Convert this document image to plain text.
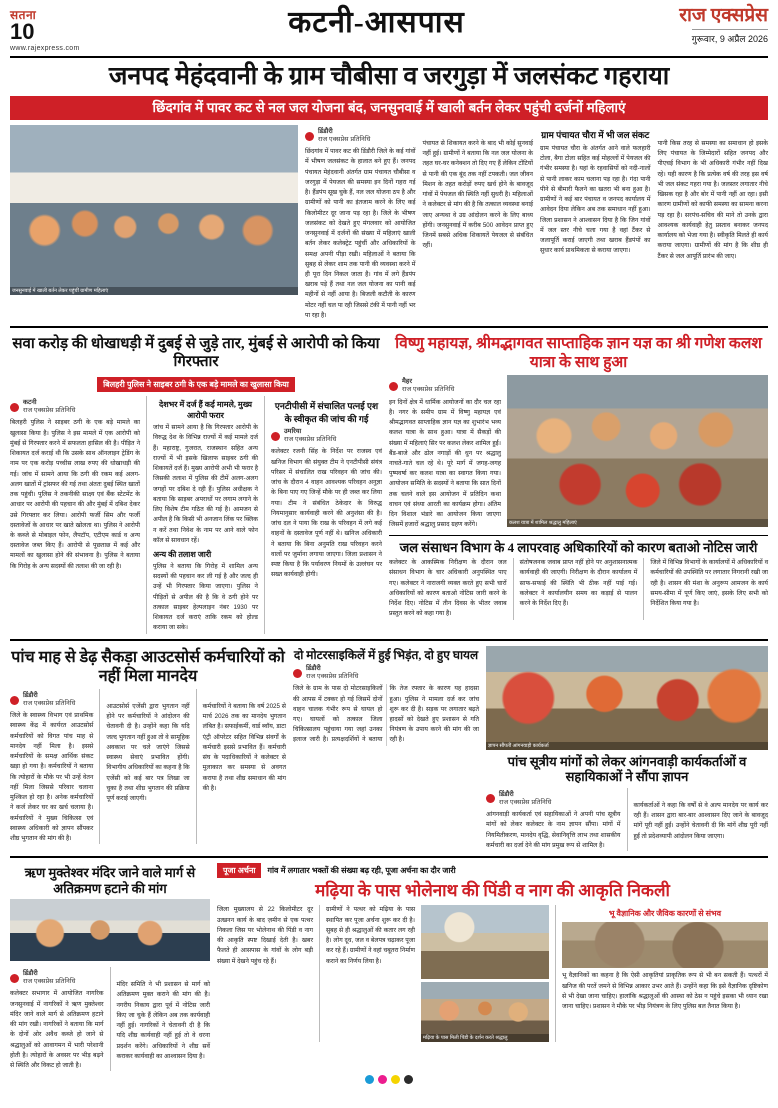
सतना
10
www.rajexpress.com
कटनी-आसपास	राज एक्सप्रेस
गुरूवार, 9 अप्रैल 2026
जनपद मेहंदवानी के ग्राम चौबीसा व जरगुड़ा में जलसंकट गहराया
छिंदगांव में पावर कट से नल जल योजना बंद, जनसुनवाई में खाली बर्तन लेकर पहुंची दर्जनों महिलाएं
जनसुनवाई में खाली बर्तन लेकर पहुंचीं ग्रामीण महिलाएं
डिंडौरी
राज एक्सप्रेस प्रतिनिधि
छिंदगांव में पावर कट की डिंडौरी जिले के कई गांवों में भीषण जलसंकट के हालात बने हुए हैं। जनपद पंचायत मेहंदवानी अंतर्गत ग्राम पंचायत चौबीसा व जरगुड़ा में पेयजल की समस्या इन दिनों गहरा गई है। हैंडपंप सूख चुके हैं, नल जल योजना ठप है और ग्रामीणों को पानी का इंतजाम करने के लिए कई किलोमीटर दूर जाना पड़ रहा है। जिले के भीषण जलसंकट को देखते हुए मंगलवार को आयोजित जनसुनवाई में दर्जनों की संख्या में महिलाएं खाली बर्तन लेकर कलेक्ट्रेट पहुंचीं और अधिकारियों के समक्ष अपनी पीड़ा रखी। महिलाओं ने बताया कि सुबह से लेकर शाम तक पानी की व्यवस्था करने में ही पूरा दिन निकल जाता है। गांव में लगे हैंडपंप खराब पड़े हैं तथा नल जल योजना का पानी कई महीनों से नहीं आया है। बिजली कटौती के कारण मोटर नहीं चल पा रही जिससे टंकी में पानी नहीं भर पा रहा है।
पंचायत से शिकायत करने के बाद भी कोई सुनवाई नहीं हुई। ग्रामीणों ने बताया कि नल जल योजना के तहत घर-घर कनेक्शन तो दिए गए हैं लेकिन टोंटियों से पानी की एक बूंद तक नहीं टपकती। जल जीवन मिशन के तहत करोड़ों रुपए खर्च होने के बावजूद गांवों में पेयजल की स्थिति नहीं सुधरी है। महिलाओं ने कलेक्टर से मांग की है कि तत्काल व्यवस्था बनाई जाए अन्यथा वे उग्र आंदोलन करने के लिए बाध्य होंगी। जनसुनवाई में करीब 500 आवेदन प्राप्त हुए जिनमें सबसे अधिक शिकायतें पेयजल से संबंधित रहीं।
ग्राम पंचायत चौरा में भी जल संकट
ग्राम पंचायत चौरा के अंतर्गत आने वाले फलहारी टोला, बैगा टोला सहित कई मोहल्लों में पेयजल की गंभीर समस्या है। यहां के रहवासियों को नदी-नालों से पानी लाकर काम चलाना पड़ रहा है। गंदा पानी पीने से बीमारी फैलने का खतरा भी बना हुआ है। ग्रामीणों ने कई बार पंचायत व जनपद कार्यालय में आवेदन दिया लेकिन अब तक समाधान नहीं हुआ। जिला प्रशासन ने आश्वासन दिया है कि जिन गांवों में जल स्तर नीचे चला गया है वहां टैंकर से जलापूर्ति कराई जाएगी तथा खराब हैंडपंपों का सुधार कार्य प्राथमिकता से कराया जाएगा।
पानी किस तरह से समस्या का समाधान हो इसके लिए पंचायत के जिम्मेदारों सहित जनपद और पीएचई विभाग के भी अधिकारी गंभीर नहीं दिख रहे। यही कारण है कि प्रत्येक वर्ष की तरह इस वर्ष भी जल संकट गहरा गया है। जलस्तर लगातार नीचे खिसक रहा है और बोर में पानी नहीं आ रहा। इसी कारण ग्रामीणों को काफी समस्या का सामना करना पड़ रहा है। सरपंच-सचिव की माने तो उनके द्वारा आवश्यक कार्यवाही हेतु प्रस्ताव बनाकर जनपद कार्यालय को भेजा गया है। स्वीकृति मिलते ही कार्य कराया जाएगा। ग्रामीणों की मांग है कि शीघ्र ही टैंकर से जल आपूर्ति प्रारंभ की जाए।
सवा करोड़ की धोखाधड़ी में दुबई से जुड़े तार, मुंबई से आरोपी को किया गिरफ्तार
बिलहरी पुलिस ने साइबर ठगी के एक बड़े मामले का खुलासा किया
कटनी
राज एक्सप्रेस प्रतिनिधि
बिलहरी पुलिस ने साइबर ठगी के एक बड़े मामले का खुलासा किया है। पुलिस ने इस मामले में एक आरोपी को मुंबई से गिरफ्तार करने में सफलता हासिल की है। पीड़ित ने शिकायत दर्ज कराई थी कि उसके साथ ऑनलाइन ट्रेडिंग के नाम पर एक करोड़ पच्चीस लाख रुपए की धोखाधड़ी की गई। जांच में सामने आया कि ठगी की रकम कई अलग-अलग खातों में ट्रांसफर की गई तथा अंततः दुबई स्थित खातों तक पहुंची। पुलिस ने तकनीकी साक्ष्य एवं बैंक स्टेटमेंट के आधार पर आरोपी की पहचान की और मुंबई में दबिश देकर उसे गिरफ्तार कर लिया। आरोपी फर्जी सिम और फर्जी दस्तावेजों के आधार पर खाते खोलता था। पुलिस ने आरोपी के कब्जे से मोबाइल फोन, लैपटॉप, एटीएम कार्ड व अन्य दस्तावेज जब्त किए हैं। आरोपी से पूछताछ में कई और मामलों का खुलासा होने की संभावना है। पुलिस ने बताया कि गिरोह के अन्य सदस्यों की तलाश की जा रही है।
देशभर में दर्ज हैं कई मामले, मुख्य आरोपी फरार
जांच में सामने आया है कि गिरफ्तार आरोपी के विरुद्ध देश के विभिन्न राज्यों में कई मामले दर्ज हैं। महाराष्ट्र, गुजरात, राजस्थान सहित अन्य राज्यों में भी इसके खिलाफ साइबर ठगी की शिकायतें दर्ज हैं। मुख्य आरोपी अभी भी फरार है जिसकी तलाश में पुलिस की टीमें अलग-अलग जगहों पर दबिश दे रही हैं। पुलिस अधीक्षक ने बताया कि साइबर अपराधों पर लगाम लगाने के लिए विशेष टीम गठित की गई है। आमजन से अपील है कि किसी भी अनजान लिंक पर क्लिक न करें तथा निवेश के नाम पर आने वाले फोन कॉल से सावधान रहें।
अन्य की तलाश जारी
पुलिस ने बताया कि गिरोह में शामिल अन्य सदस्यों की पहचान कर ली गई है और जल्द ही उन्हें भी गिरफ्तार किया जाएगा। पुलिस ने पीड़ितों से अपील की है कि वे ठगी होने पर तत्काल साइबर हेल्पलाइन नंबर 1930 पर शिकायत दर्ज कराएं ताकि रकम को होल्ड कराया जा सके।
एनटीपीसी में संचालित पत्नई एश के स्वीकृत की जांच की गई
उमरिया
राज एक्सप्रेस प्रतिनिधि
कलेक्टर रजनी सिंह के निर्देश पर राजस्व एवं खनिज विभाग की संयुक्त टीम ने एनटीपीसी संयंत्र परिसर में संचालित राख परिवहन की जांच की। जांच के दौरान 4 वाहन आवश्यक परिवहन अनुज्ञा के बिना पाए गए जिन्हें मौके पर ही जब्त कर लिया गया। टीम ने संबंधित ठेकेदार के विरुद्ध नियमानुसार कार्यवाही करने की अनुशंसा की है। जांच दल ने पाया कि राख के परिवहन में लगे कई वाहनों के दस्तावेज पूर्ण नहीं थे। खनिज अधिकारी ने बताया कि बिना अनुमति राख परिवहन करने वालों पर जुर्माना लगाया जाएगा। जिला प्रशासन ने स्पष्ट किया है कि पर्यावरण नियमों के उल्लंघन पर सख्त कार्यवाही होगी।
विष्णु महायज्ञ, श्रीमद्भागवत साप्ताहिक ज्ञान यज्ञ का श्री गणेश कलश यात्रा के साथ हुआ
मैहर
राज एक्सप्रेस प्रतिनिधि
इन दिनों क्षेत्र में धार्मिक आयोजनों का दौर चल रहा है। नगर के समीप ग्राम में विष्णु महायज्ञ एवं श्रीमद्भागवत साप्ताहिक ज्ञान यज्ञ का शुभारंभ भव्य कलश यात्रा के साथ हुआ। यात्रा में सैकड़ों की संख्या में महिलाएं सिर पर कलश लेकर शामिल हुईं। बैंड-बाजे और ढोल नगाड़ों की धुन पर श्रद्धालु नाचते-गाते चल रहे थे। पूरे मार्ग में जगह-जगह पुष्पवर्षा कर कलश यात्रा का स्वागत किया गया। आयोजन समिति के सदस्यों ने बताया कि सात दिनों तक चलने वाले इस आयोजन में प्रतिदिन कथा वाचन एवं संध्या आरती का कार्यक्रम होगा। अंतिम दिन विशाल भंडारे का आयोजन किया जाएगा जिसमें हजारों श्रद्धालु प्रसाद ग्रहण करेंगे।	कलश यात्रा में शामिल श्रद्धालु महिलाएं
जल संसाधन विभाग के 4 लापरवाह अधिकारियों को कारण बताओ नोटिस जारी
कलेक्टर के आकस्मिक निरीक्षण के दौरान जल संसाधन विभाग के चार अधिकारी अनुपस्थित पाए गए। कलेक्टर ने नाराजगी व्यक्त करते हुए सभी चारों अधिकारियों को कारण बताओ नोटिस जारी करने के निर्देश दिए। नोटिस में तीन दिवस के भीतर जवाब प्रस्तुत करने को कहा गया है।
संतोषजनक जवाब प्राप्त नहीं होने पर अनुशासनात्मक कार्यवाही की जाएगी। निरीक्षण के दौरान कार्यालय में साफ-सफाई की स्थिति भी ठीक नहीं पाई गई। कलेक्टर ने कार्यालयीन समय का कड़ाई से पालन करने के निर्देश दिए हैं।
जिले में विभिन्न विभागों के कार्यालयों में अधिकारियों व कर्मचारियों की उपस्थिति पर लगातार निगरानी रखी जा रही है। शासन की मंशा के अनुरूप आमजन के कार्य समय-सीमा में पूर्ण किए जाएं, इसके लिए सभी को निर्देशित किया गया है।
पांच माह से डेढ़ सैकड़ा आउटसोर्स कर्मचारियों को नहीं मिला मानदेय
डिंडौरी
राज एक्सप्रेस प्रतिनिधि
जिले के स्वास्थ्य विभाग एवं प्राथमिक स्वास्थ्य केंद्र में कार्यरत आउटसोर्स कर्मचारियों को विगत पांच माह से मानदेय नहीं मिला है। इससे कर्मचारियों के समक्ष आर्थिक संकट खड़ा हो गया है। कर्मचारियों ने बताया कि त्योहारों के मौके पर भी उन्हें वेतन नहीं मिला जिससे परिवार चलाना मुश्किल हो रहा है। अनेक कर्मचारियों ने कर्ज लेकर घर का खर्च चलाया है। कर्मचारियों ने मुख्य चिकित्सा एवं स्वास्थ्य अधिकारी को ज्ञापन सौंपकर शीघ्र भुगतान की मांग की है।
आउटसोर्स एजेंसी द्वारा भुगतान नहीं होने पर कर्मचारियों ने आंदोलन की चेतावनी दी है। उन्होंने कहा कि यदि जल्द भुगतान नहीं हुआ तो वे सामूहिक अवकाश पर चले जाएंगे जिससे स्वास्थ्य सेवाएं प्रभावित होंगी। विभागीय अधिकारियों का कहना है कि एजेंसी को कई बार पत्र लिखा जा चुका है तथा शीघ्र भुगतान की प्रक्रिया पूर्ण कराई जाएगी।
कर्मचारियों ने बताया कि वर्ष 2025 से मार्च 2026 तक का मानदेय भुगतान लंबित है। सफाईकर्मी, वार्ड ब्वॉय, डाटा एंट्री ऑपरेटर सहित विभिन्न संवर्गों के कर्मचारी इससे प्रभावित हैं। कर्मचारी संघ के पदाधिकारियों ने कलेक्टर से मुलाकात कर समस्या से अवगत कराया है तथा शीघ्र समाधान की मांग की है।
दो मोटरसाइकिलें में हुई भिड़ंत, दो हुए घायल
डिंडौरी
राज एक्सप्रेस प्रतिनिधि
जिले के ग्राम के पास दो मोटरसाइकिलों की आपस में टक्कर हो गई जिसमें दोनों वाहन चालक गंभीर रूप से घायल हो गए। घायलों को तत्काल जिला चिकित्सालय पहुंचाया गया जहां उनका इलाज जारी है। प्रत्यक्षदर्शियों ने बताया कि तेज रफ्तार के कारण यह हादसा हुआ। पुलिस ने मामला दर्ज कर जांच शुरू कर दी है। सड़क पर लगातार बढ़ते हादसों को देखते हुए प्रशासन से गति नियंत्रण के उपाय करने की मांग की जा रही है।
ज्ञापन सौंपतीं आंगनवाड़ी कार्यकर्ता
पांच सूत्रीय मांगों को लेकर आंगनवाड़ी कार्यकर्ताओं व सहायिकाओं ने सौंपा ज्ञापन
डिंडौरी
राज एक्सप्रेस प्रतिनिधि
आंगनवाड़ी कार्यकर्ता एवं सहायिकाओं ने अपनी पांच सूत्रीय मांगों को लेकर कलेक्टर के नाम ज्ञापन सौंपा। मांगों में नियमितीकरण, मानदेय वृद्धि, सेवानिवृत्ति लाभ तथा शासकीय कर्मचारी का दर्जा देने की मांग प्रमुख रूप से शामिल है।
कार्यकर्ताओं ने कहा कि वर्षों से वे अल्प मानदेय पर कार्य कर रही हैं। शासन द्वारा बार-बार आश्वासन दिए जाने के बावजूद मांगें पूरी नहीं हुईं। उन्होंने चेतावनी दी कि मांगें शीघ्र पूरी नहीं हुईं तो प्रदेशव्यापी आंदोलन किया जाएगा।
ऋण मुक्तेश्वर मंदिर जाने वाले मार्ग से अतिक्रमण हटाने की मांग
डिंडौरी
राज एक्सप्रेस प्रतिनिधि
कलेक्टर सभागार में आयोजित नागरिक जनसुनवाई में नागरिकों ने ऋण मुक्तेश्वर मंदिर जाने वाले मार्ग से अतिक्रमण हटाने की मांग रखी। नागरिकों ने बताया कि मार्ग के दोनों ओर अवैध कब्जे हो जाने से श्रद्धालुओं को आवागमन में भारी परेशानी होती है। त्योहारों के अवसर पर भीड़ बढ़ने से स्थिति और विकट हो जाती है।
मंदिर समिति ने भी प्रशासन से मार्ग को अतिक्रमण मुक्त कराने की मांग की है। नगरीय निकाय द्वारा पूर्व में नोटिस जारी किए जा चुके हैं लेकिन अब तक कार्यवाही नहीं हुई। नागरिकों ने चेतावनी दी है कि यदि शीघ्र कार्यवाही नहीं हुई तो वे धरना प्रदर्शन करेंगे। अधिकारियों ने शीघ्र सर्वे कराकर कार्यवाही का आश्वासन दिया है।
पूजा अर्चना	गांव में लगातार भक्तों की संख्या बढ़ रही, पूजा अर्चना का दौर जारी
मढ़िया के पास भोलेनाथ की पिंडी व नाग की आकृति निकली
जिला मुख्यालय से 22 किलोमीटर दूर उत्खनन कार्य के बाद ज़मीन से एक पत्थर निकला जिस पर भोलेनाथ की पिंडी व नाग की आकृति स्पष्ट दिखाई देती है। खबर फैलते ही आसपास के गांवों के लोग बड़ी संख्या में देखने पहुंच रहे हैं।
ग्रामीणों ने पत्थर को मढ़िया के पास स्थापित कर पूजा अर्चना शुरू कर दी है। सुबह से ही श्रद्धालुओं की कतार लग रही है। लोग दूध, जल व बेलपत्र चढ़ाकर पूजा कर रहे हैं। ग्रामीणों ने वहां चबूतरा निर्माण कराने का निर्णय लिया है।
मढ़िया के पास मिली पिंडी के दर्शन करते श्रद्धालु
भू वैज्ञानिक और जैविक कारणों से संभव
भू वैज्ञानिकों का कहना है कि ऐसी आकृतियां प्राकृतिक रूप से भी बन सकती हैं। पत्थरों में खनिज की परतें जमने से विभिन्न आकार उभर आते हैं। उन्होंने कहा कि इसे वैज्ञानिक दृष्टिकोण से भी देखा जाना चाहिए। हालांकि श्रद्धालुओं की आस्था को ठेस न पहुंचे इसका भी ध्यान रखा जाना चाहिए। प्रशासन ने मौके पर भीड़ नियंत्रण के लिए पुलिस बल तैनात किया है।
